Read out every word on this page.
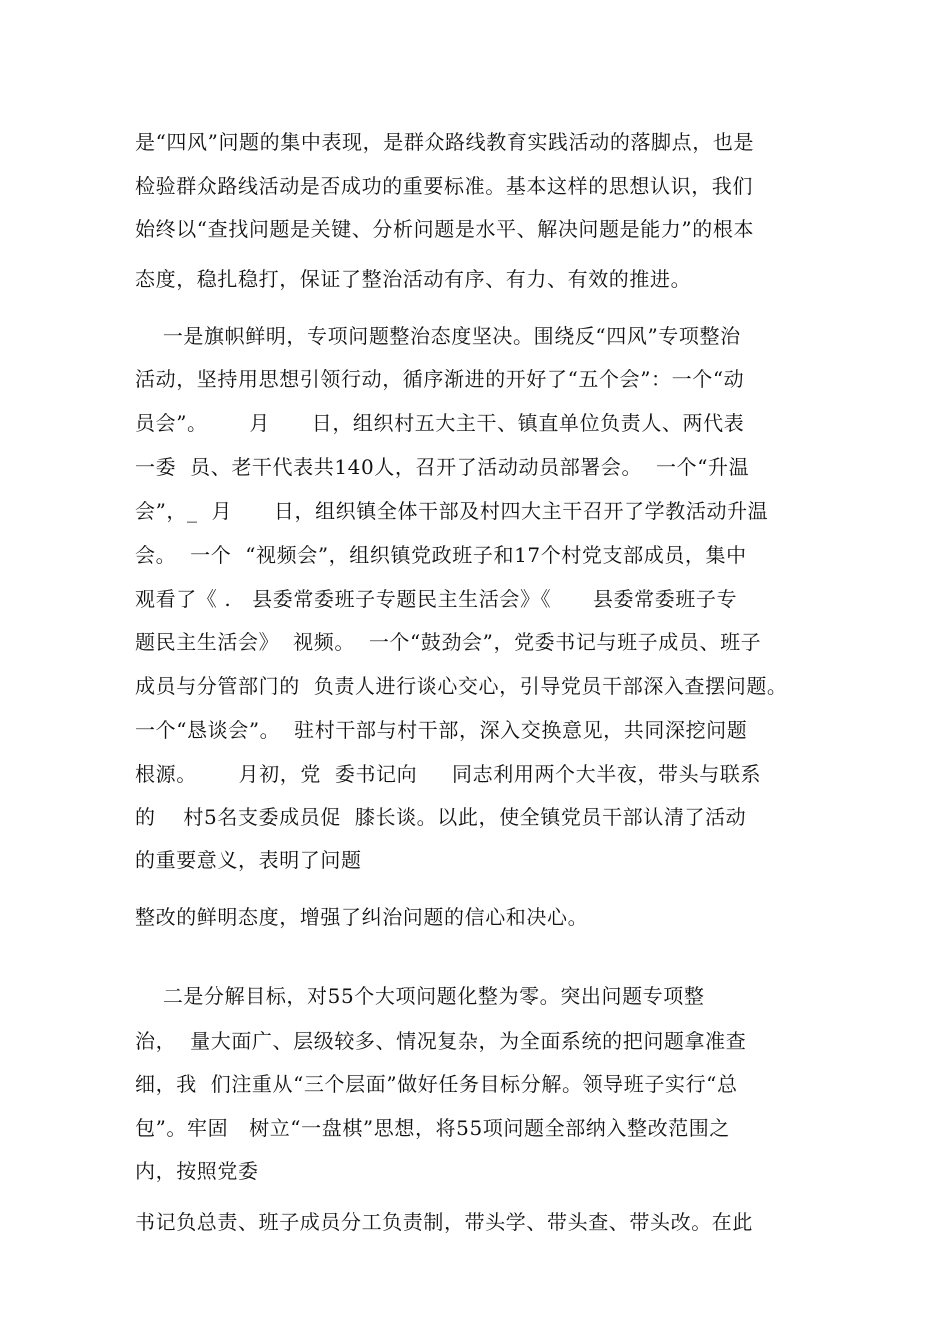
是“四风”问题的集中表现，是群众路线教育实践活动的落脚点，也是
检验群众路线活动是否成功的重要标准。基本这样的思想认识，我们
始终以“查找问题是关键、分析问题是水平、解决问题是能力”的根本
态度，稳扎稳打，保证了整治活动有序、有力、有效的推进。
一是旗帜鲜明，专项问题整治态度坚决。围绕反“四风”专项整治
活动，坚持用思想引领行动，循序渐进的开好了“五个会”：一个“动
员会”。      月      日，组织村五大主干、镇直单位负责人、两代表
一委  员、老干代表共140人，召开了活动动员部署会。  一个“升温
会”，_  月      日，组织镇全体干部及村四大主干召开了学教活动升温
会。  一个  “视频会”，组织镇党政班子和17个村党支部成员，集中
观看了《 .   县委常委班子专题民主生活会》《      县委常委班子专
题民主生活会》  视频。  一个“鼓劲会”，党委书记与班子成员、班子
成员与分管部门的  负责人进行谈心交心，引导党员干部深入查摆问题。
一个“恳谈会”。  驻村干部与村干部，深入交换意见，共同深挖问题
根源。      月初，党  委书记向     同志利用两个大半夜，带头与联系
的    村5名支委成员促  膝长谈。以此，使全镇党员干部认清了活动
的重要意义，表明了问题
整改的鲜明态度，增强了纠治问题的信心和决心。
二是分解目标，对55个大项问题化整为零。突出问题专项整
治，  量大面广、层级较多、情况复杂，为全面系统的把问题拿准查
细，我  们注重从“三个层面”做好任务目标分解。领导班子实行“总
包”。牢固   树立“一盘棋”思想，将55项问题全部纳入整改范围之
内，按照党委
书记负总责、班子成员分工负责制，带头学、带头查、带头改。在此
